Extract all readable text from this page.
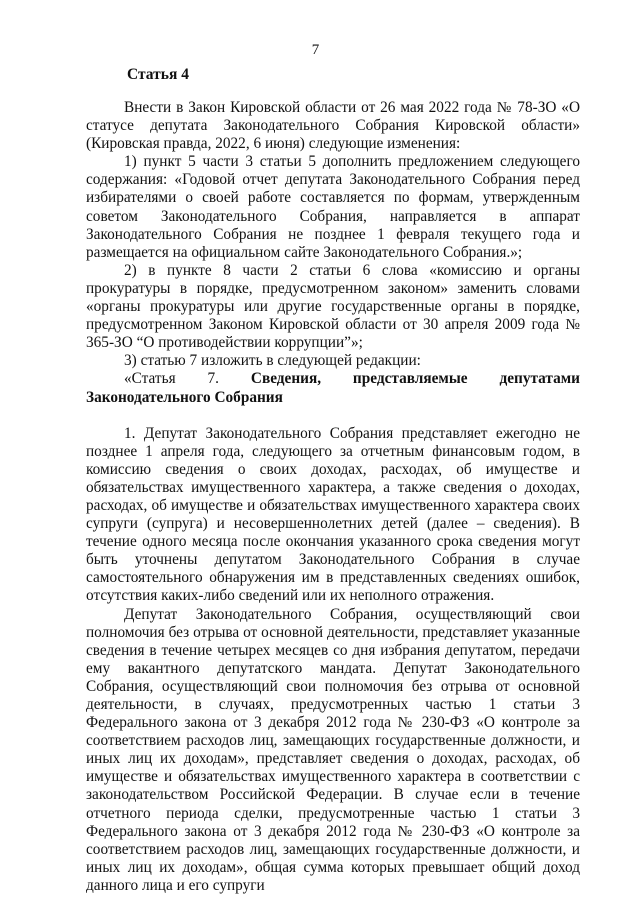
7
Статья 4

Внести в Закон Кировской области от 26 мая 2022 года № 78-ЗО «О статусе депутата Законодательного Собрания Кировской области» (Кировская правда, 2022, 6 июня) следующие изменения:

1) пункт 5 части 3 статьи 5 дополнить предложением следующего содержания: «Годовой отчет депутата Законодательного Собрания перед избирателями о своей работе составляется по формам, утвержденным советом Законодательного Собрания, направляется в аппарат Законодательного Собрания не позднее 1 февраля текущего года и размещается на официальном сайте Законодательного Собрания.»;

2) в пункте 8 части 2 статьи 6 слова «комиссию и органы прокуратуры в порядке, предусмотренном законом» заменить словами «органы прокуратуры или другие государственные органы в порядке, предусмотренном Законом Кировской области от 30 апреля 2009 года № 365-ЗО “О противодействии коррупции”»;

3) статью 7 изложить в следующей редакции:

«Статья 7. Сведения, представляемые депутатами Законодательного Собрания

1. Депутат Законодательного Собрания представляет ежегодно не позднее 1 апреля года, следующего за отчетным финансовым годом, в комиссию сведения о своих доходах, расходах, об имуществе и обязательствах имущественного характера, а также сведения о доходах, расходах, об имуществе и обязательствах имущественного характера своих супруги (супруга) и несовершеннолетних детей (далее – сведения). В течение одного месяца после окончания указанного срока сведения могут быть уточнены депутатом Законодательного Собрания в случае самостоятельного обнаружения им в представленных сведениях ошибок, отсутствия каких-либо сведений или их неполного отражения.

Депутат Законодательного Собрания, осуществляющий свои полномочия без отрыва от основной деятельности, представляет указанные сведения в течение четырех месяцев со дня избрания депутатом, передачи ему вакантного депутатского мандата. Депутат Законодательного Собрания, осуществляющий свои полномочия без отрыва от основной деятельности, в случаях, предусмотренных частью 1 статьи 3 Федерального закона от 3 декабря 2012 года № 230-ФЗ «О контроле за соответствием расходов лиц, замещающих государственные должности, и иных лиц их доходам», представляет сведения о доходах, расходах, об имуществе и обязательствах имущественного характера в соответствии с законодательством Российской Федерации. В случае если в течение отчетного периода сделки, предусмотренные частью 1 статьи 3 Федерального закона от 3 декабря 2012 года № 230-ФЗ «О контроле за соответствием расходов лиц, замещающих государственные должности, и иных лиц их доходам», общая сумма которых превышает общий доход данного лица и его супруги
